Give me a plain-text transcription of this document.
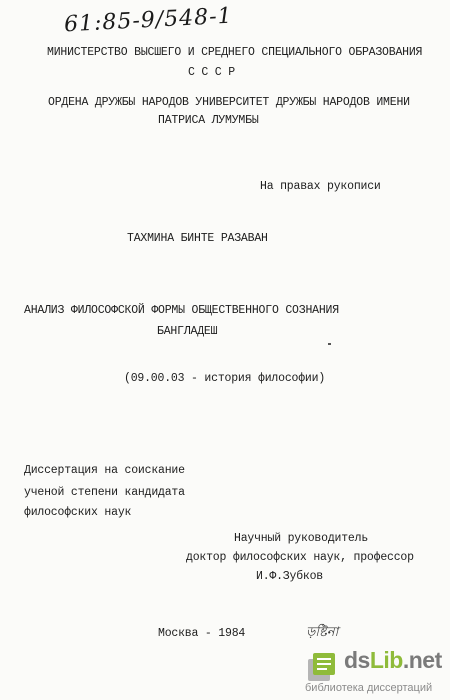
61:85-9/548-1
МИНИСТЕРСТВО ВЫСШЕГО И СРЕДНЕГО СПЕЦИАЛЬНОГО ОБРАЗОВАНИЯ
С С С Р
ОРДЕНА ДРУЖБЫ НАРОДОВ УНИВЕРСИТЕТ ДРУЖБЫ НАРОДОВ ИМЕНИ
ПАТРИСА ЛУМУМБЫ
На правах рукописи
ТАХМИНА БИНТЕ РАЗАВАН
АНАЛИЗ ФИЛОСОФСКОЙ ФОРМЫ ОБЩЕСТВЕННОГО СОЗНАНИЯ
БАНГЛАДЕШ
(09.00.03 - история философии)
Диссертация на соискание
ученой степени кандидата
философских наук
Научный руководитель
доктор философских наук, профессор
И.Ф.Зубков
Москва - 1984	ড়ষ্টিনা
dsLib.net
библиотека диссертаций
